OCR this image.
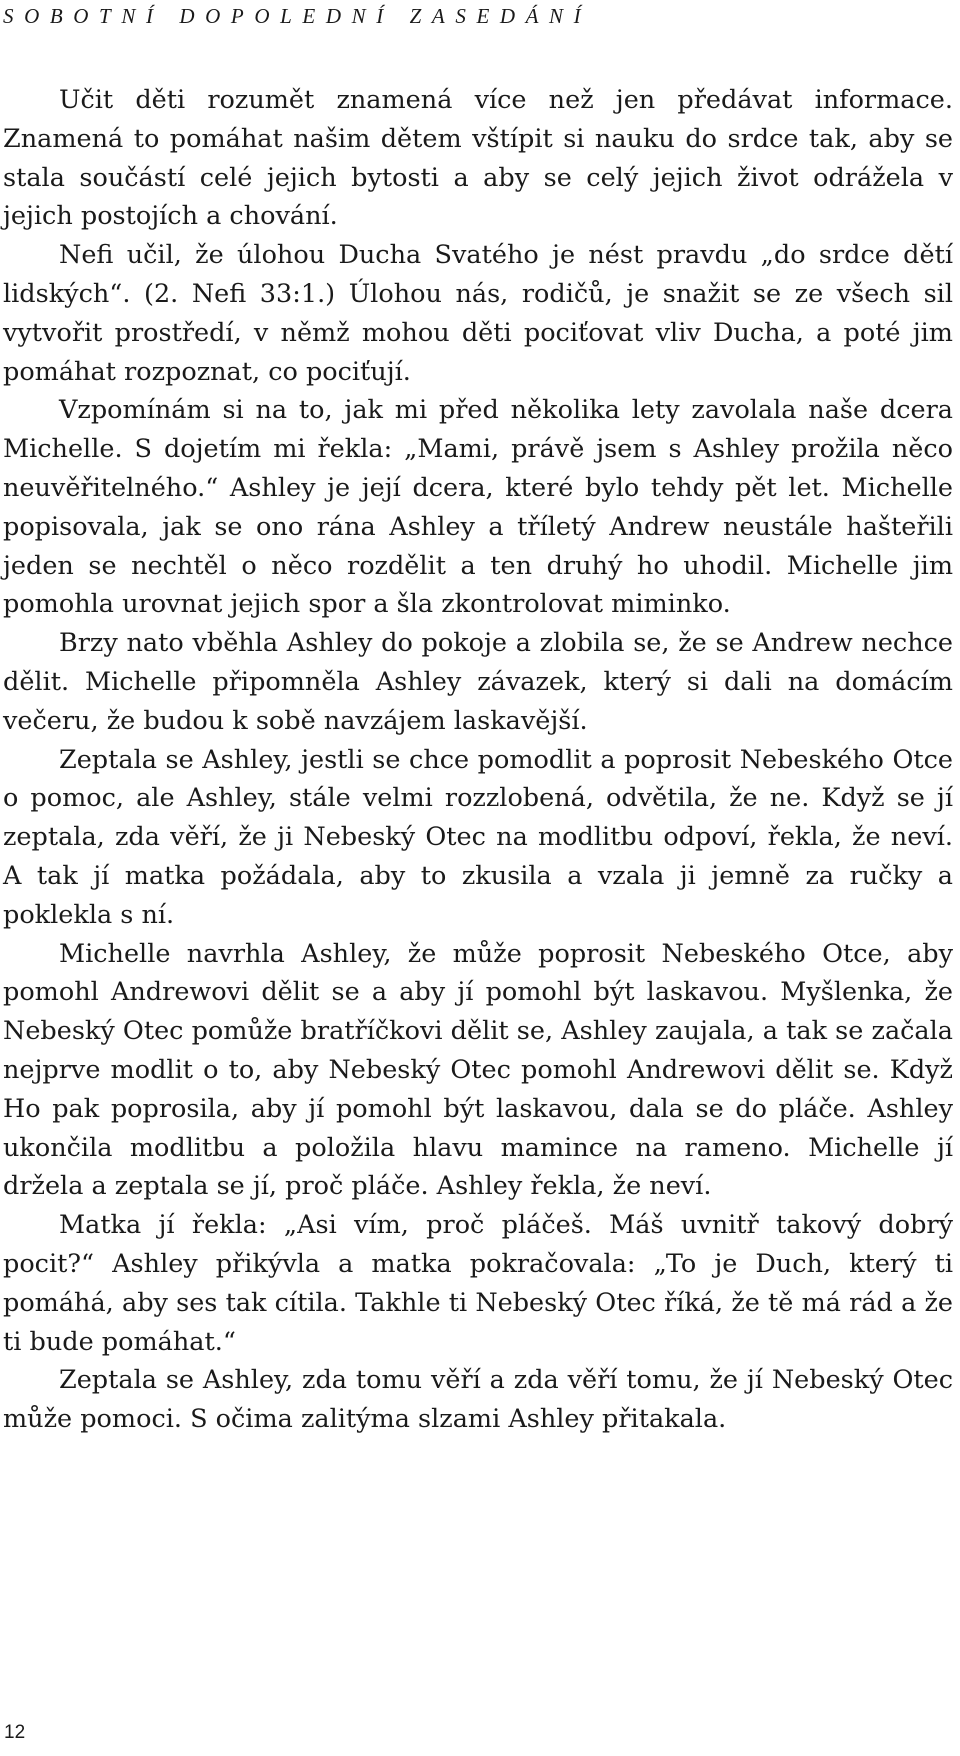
SOBOTNÍ DOPOLEDNÍ ZASEDÁNÍ

Učit děti rozumět znamená více než jen předávat informace. Znamená to pomáhat našim dětem vštípit si nauku do srdce tak, aby se stala součástí celé jejich bytosti a aby se celý jejich život odrážela v jejich postojích a chování.

Nefi učil, že úlohou Ducha Svatého je nést pravdu „do srdce dětí lidských“. (2. Nefi 33:1.) Úlohou nás, rodičů, je snažit se ze všech sil vytvořit prostředí, v němž mohou děti pociťovat vliv Ducha, a poté jim pomáhat rozpoznat, co pociťují.

Vzpomínám si na to, jak mi před několika lety zavolala naše dcera Michelle. S dojetím mi řekla: „Mami, právě jsem s Ashley prožila něco neuvěřitelného.“ Ashley je její dcera, které bylo tehdy pět let. Michelle popisovala, jak se ono rána Ashley a tříletý Andrew neustále hašteřili jeden se nechtěl o něco rozdělit a ten druhý ho uhodil. Michelle jim pomohla urovnat jejich spor a šla zkontrolovat miminko.

Brzy nato vběhla Ashley do pokoje a zlobila se, že se Andrew nechce dělit. Michelle připomněla Ashley závazek, který si dali na domácím večeru, že budou k sobě navzájem laskavější.

Zeptala se Ashley, jestli se chce pomodlit a poprosit Nebeského Otce o pomoc, ale Ashley, stále velmi rozzlobená, odvětila, že ne. Když se jí zeptala, zda věří, že ji Nebeský Otec na modlitbu odpoví, řekla, že neví. A tak jí matka požádala, aby to zkusila a vzala ji jemně za ručky a poklekla s ní.

Michelle navrhla Ashley, že může poprosit Nebeského Otce, aby pomohl Andrewovi dělit se a aby jí pomohl být laskavou. Myšlenka, že Nebeský Otec pomůže bratříčkovi dělit se, Ashley zaujala, a tak se začala nejprve modlit o to, aby Nebeský Otec pomohl Andrewovi dělit se. Když Ho pak poprosila, aby jí pomohl být laskavou, dala se do pláče. Ashley ukončila modlitbu a položila hlavu mamince na rameno. Michelle jí držela a zeptala se jí, proč pláče. Ashley řekla, že neví.

Matka jí řekla: „Asi vím, proč pláčeš. Máš uvnitř takový dobrý pocit?“ Ashley přikývla a matka pokračovala: „To je Duch, který ti pomáhá, aby ses tak cítila. Takhle ti Nebeský Otec říká, že tě má rád a že ti bude pomáhat.“

Zeptala se Ashley, zda tomu věří a zda věří tomu, že jí Nebeský Otec může pomoci. S očima zalitýma slzami Ashley přitakala.

12
